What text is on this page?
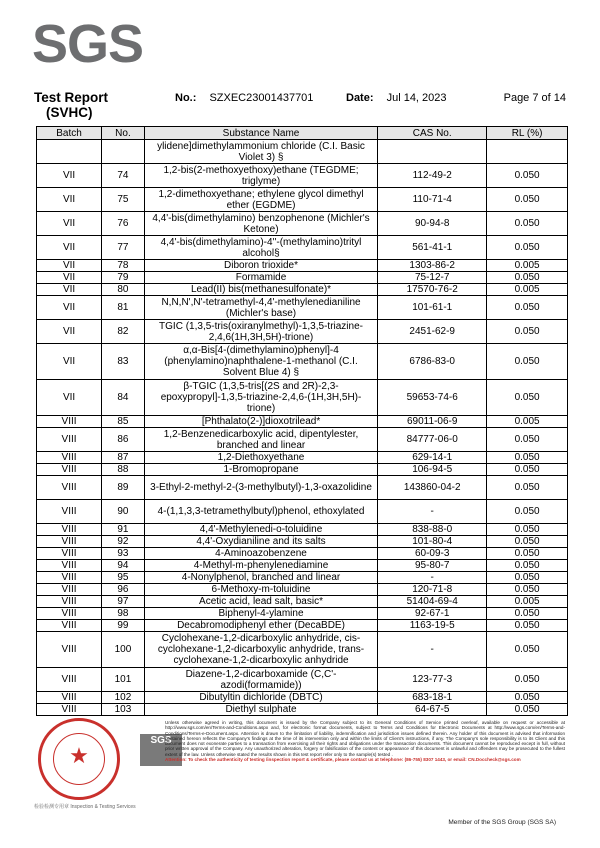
SGS
Test Report
(SVHC)
No.: SZXEC23001437701	Date: Jul 14, 2023	Page 7 of 14
Batch	No.	Substance Name	CAS No.	RL (%)
		ylidene]dimethylammonium chloride (C.I. Basic Violet 3) §		
VII	74	1,2-bis(2-methoxyethoxy)ethane (TEGDME; triglyme)	112-49-2	0.050
VII	75	1,2-dimethoxyethane; ethylene glycol dimethyl ether (EGDME)	110-71-4	0.050
VII	76	4,4'-bis(dimethylamino) benzophenone (Michler's Ketone)	90-94-8	0.050
VII	77	4,4'-bis(dimethylamino)-4''-(methylamino)trityl alcohol§	561-41-1	0.050
VII	78	Diboron trioxide*	1303-86-2	0.005
VII	79	Formamide	75-12-7	0.050
VII	80	Lead(II) bis(methanesulfonate)*	17570-76-2	0.005
VII	81	N,N,N',N'-tetramethyl-4,4'-methylenedianiline (Michler's base)	101-61-1	0.050
VII	82	TGIC (1,3,5-tris(oxiranylmethyl)-1,3,5-triazine-2,4,6(1H,3H,5H)-trione)	2451-62-9	0.050
VII	83	α,α-Bis[4-(dimethylamino)phenyl]-4 (phenylamino)naphthalene-1-methanol (C.I. Solvent Blue 4) §	6786-83-0	0.050
VII	84	β-TGIC (1,3,5-tris[(2S and 2R)-2,3-epoxypropyl]-1,3,5-triazine-2,4,6-(1H,3H,5H)-trione)	59653-74-6	0.050
VIII	85	[Phthalato(2-)]dioxotrilead*	69011-06-9	0.005
VIII	86	1,2-Benzenedicarboxylic acid, dipentylester, branched and linear	84777-06-0	0.050
VIII	87	1,2-Diethoxyethane	629-14-1	0.050
VIII	88	1-Bromopropane	106-94-5	0.050
VIII	89	3-Ethyl-2-methyl-2-(3-methylbutyl)-1,3-oxazolidine	143860-04-2	0.050
VIII	90	4-(1,1,3,3-tetramethylbutyl)phenol, ethoxylated	-	0.050
VIII	91	4,4'-Methylenedi-o-toluidine	838-88-0	0.050
VIII	92	4,4'-Oxydianiline and its salts	101-80-4	0.050
VIII	93	4-Aminoazobenzene	60-09-3	0.050
VIII	94	4-Methyl-m-phenylenediamine	95-80-7	0.050
VIII	95	4-Nonylphenol, branched and linear	-	0.050
VIII	96	6-Methoxy-m-toluidine	120-71-8	0.050
VIII	97	Acetic acid, lead salt, basic*	51404-69-4	0.005
VIII	98	Biphenyl-4-ylamine	92-67-1	0.050
VIII	99	Decabromodiphenyl ether (DecaBDE)	1163-19-5	0.050
VIII	100	Cyclohexane-1,2-dicarboxylic anhydride, cis-cyclohexane-1,2-dicarboxylic anhydride, trans-cyclohexane-1,2-dicarboxylic anhydride	-	0.050
VIII	101	Diazene-1,2-dicarboxamide (C,C'-azodi(formamide))	123-77-3	0.050
VIII	102	Dibutyltin dichloride (DBTC)	683-18-1	0.050
VIII	103	Diethyl sulphate	64-67-5	0.050
★
SGS
检验检测专用章 Inspection & Testing Services
Unless otherwise agreed in writing, this document is issued by the Company subject to its General Conditions of Service printed overleaf, available on request or accessible at http://www.sgs.com/en/Terms-and-Conditions.aspx and, for electronic format documents, subject to Terms and Conditions for Electronic Documents at http://www.sgs.com/en/Terms-and-Conditions/Terms-e-Document.aspx. Attention is drawn to the limitation of liability, indemnification and jurisdiction issues defined therein. Any holder of this document is advised that information contained hereon reflects the Company's findings at the time of its intervention only and within the limits of Client's instructions, if any. The Company's sole responsibility is to its Client and this document does not exonerate parties to a transaction from exercising all their rights and obligations under the transaction documents. This document cannot be reproduced except in full, without prior written approval of the Company. Any unauthorized alteration, forgery or falsification of the content or appearance of this document is unlawful and offenders may be prosecuted to the fullest extent of the law. Unless otherwise stated the results shown in this test report refer only to the sample(s) tested .
Attention: To check the authenticity of testing /inspection report & certificate, please contact us at telephone: (86-755) 8307 1443, or email: CN.Doccheck@sgs.com
Member of the SGS Group (SGS SA)
